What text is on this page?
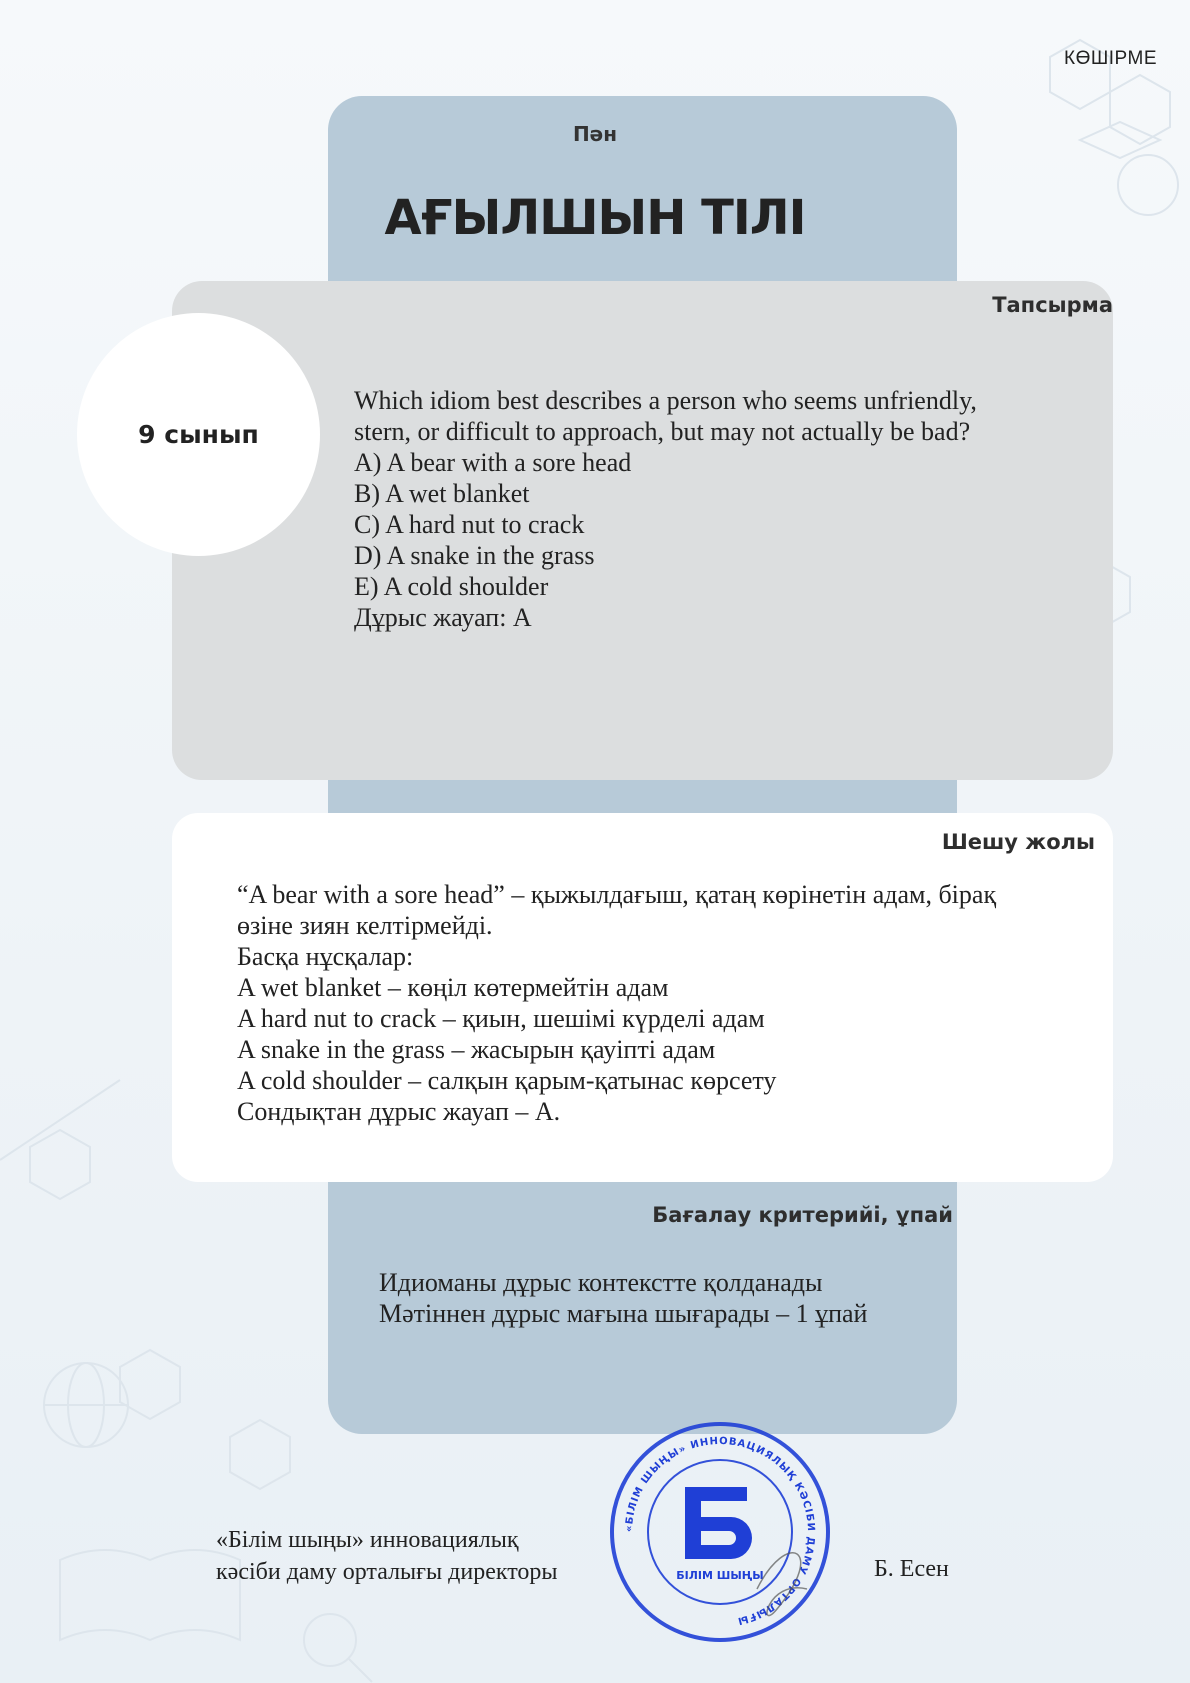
КӨШІРМЕ
Пән
АҒЫЛШЫН ТІЛІ
Тапсырма
9 сынып
Which idiom best describes a person who seems unfriendly,
stern, or difficult to approach, but may not actually be bad?
A) A bear with a sore head
B) A wet blanket
C) A hard nut to crack
D) A snake in the grass
E) A cold shoulder
Дұрыс жауап: А
Шешу жолы
“A bear with a sore head” – қыжылдағыш, қатаң көрінетін адам, бірақ
өзіне зиян келтірмейді.
Басқа нұсқалар:
A wet blanket – көңіл көтермейтін адам
A hard nut to crack – қиын, шешімі күрделі адам
A snake in the grass – жасырын қауіпті адам
A cold shoulder – салқын қарым-қатынас көрсету
Сондықтан дұрыс жауап – А.
Бағалау критерийі, ұпай
Идиоманы дұрыс контекстте қолданады
Мәтіннен дұрыс мағына шығарады – 1 ұпай
«Білім шыңы» инновациялық
кәсіби даму орталығы директоры	Б. Есен
«БІЛІМ ШЫҢЫ» ИННОВАЦИЯЛЫҚ КӘСІБИ ДАМУ ОРТАЛЫҒЫ
БІЛІМ ШЫҢЫ
